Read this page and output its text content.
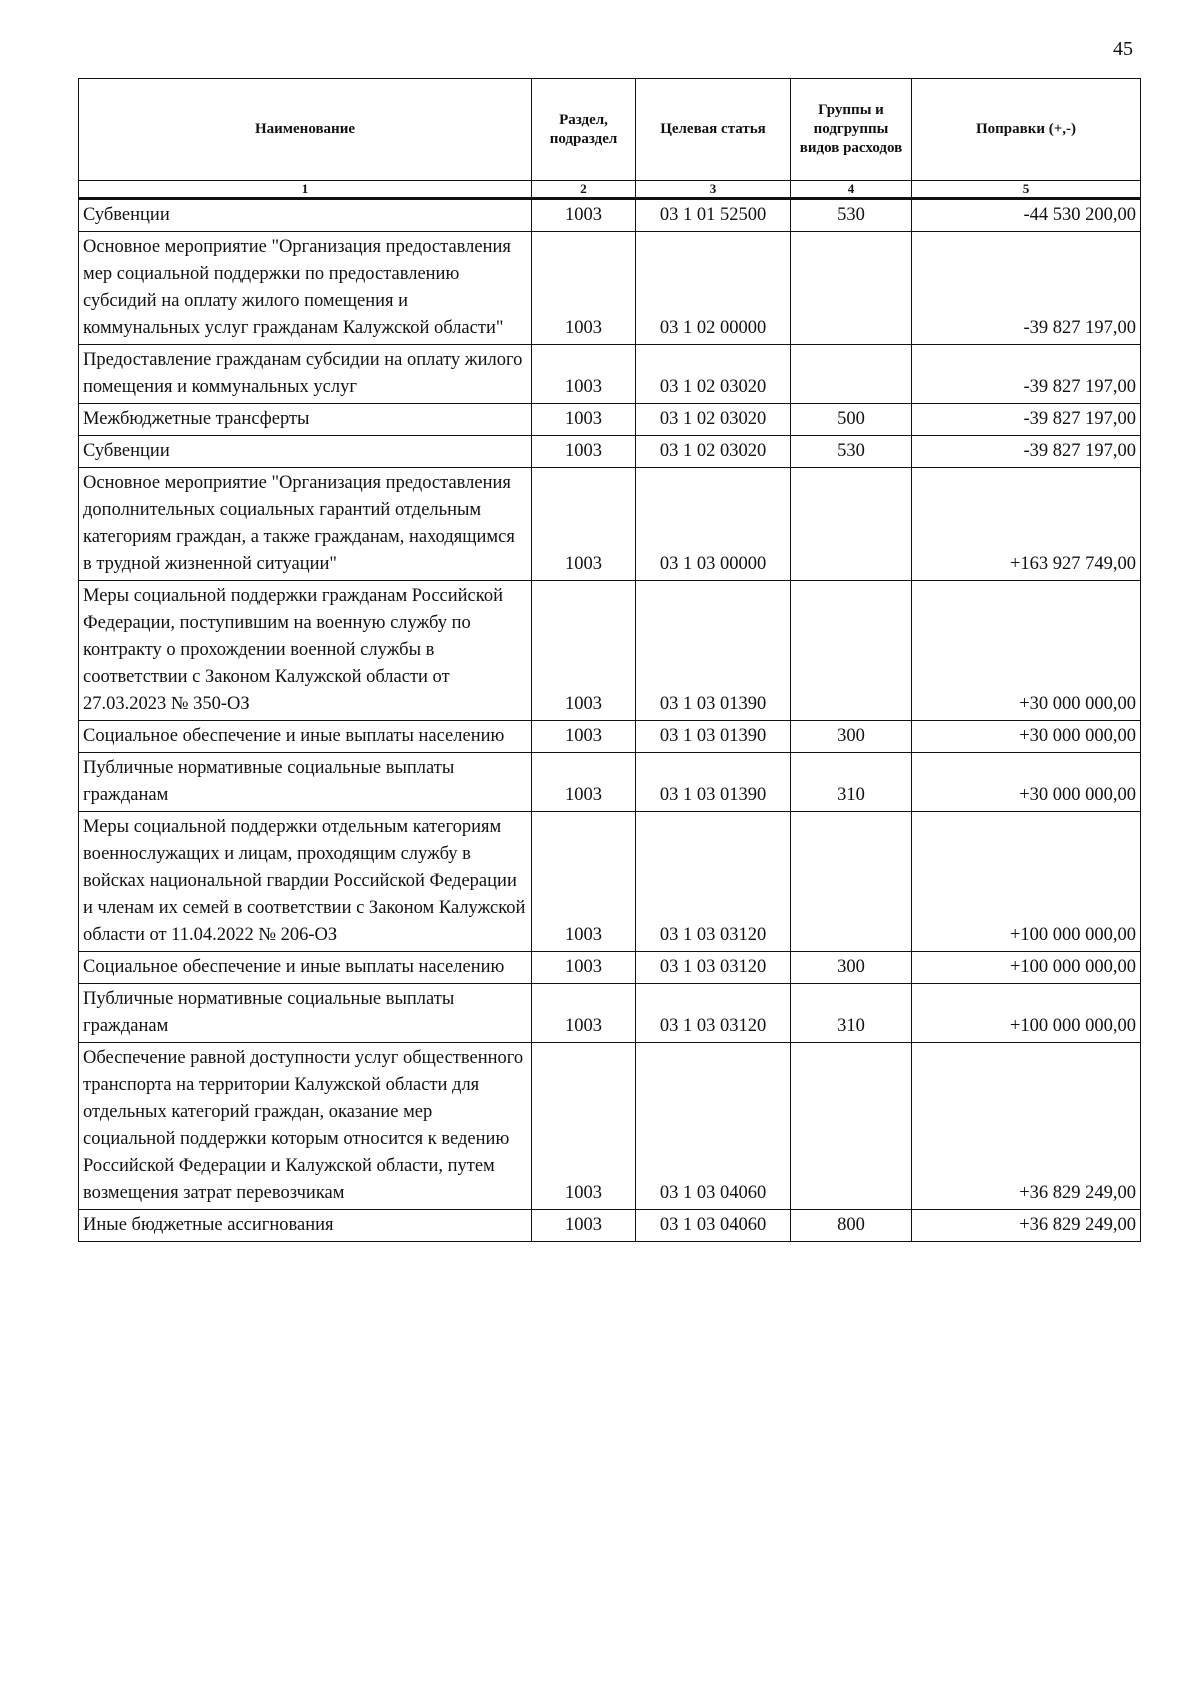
45
Наименование	Раздел, подраздел	Целевая статья	Группы и подгруппы видов расходов	Поправки (+,-)
1	2	3	4	5
Субвенции	1003	03 1 01 52500	530	-44 530 200,00
Основное мероприятие "Организация предоставления мер социальной поддержки по предоставлению субсидий на оплату жилого помещения и коммунальных услуг гражданам Калужской области"	1003	03 1 02 00000		-39 827 197,00
Предоставление гражданам субсидии на оплату жилого помещения и коммунальных услуг	1003	03 1 02 03020		-39 827 197,00
Межбюджетные трансферты	1003	03 1 02 03020	500	-39 827 197,00
Субвенции	1003	03 1 02 03020	530	-39 827 197,00
Основное мероприятие "Организация предоставления дополнительных социальных гарантий отдельным категориям граждан, а также гражданам, находящимся в трудной жизненной ситуации"	1003	03 1 03 00000		+163 927 749,00
Меры социальной поддержки гражданам Российской Федерации, поступившим на военную службу по контракту о прохождении военной службы в соответствии с Законом Калужской области от 27.03.2023 № 350-ОЗ	1003	03 1 03 01390		+30 000 000,00
Социальное обеспечение и иные выплаты населению	1003	03 1 03 01390	300	+30 000 000,00
Публичные нормативные социальные выплаты гражданам	1003	03 1 03 01390	310	+30 000 000,00
Меры социальной поддержки отдельным категориям военнослужащих и лицам, проходящим службу в войсках национальной гвардии Российской Федерации и членам их семей в соответствии с Законом Калужской области от 11.04.2022 № 206-ОЗ	1003	03 1 03 03120		+100 000 000,00
Социальное обеспечение и иные выплаты населению	1003	03 1 03 03120	300	+100 000 000,00
Публичные нормативные социальные выплаты гражданам	1003	03 1 03 03120	310	+100 000 000,00
Обеспечение равной доступности услуг общественного транспорта на территории Калужской области для отдельных категорий граждан, оказание мер социальной поддержки которым относится к ведению Российской Федерации и Калужской области, путем возмещения затрат перевозчикам	1003	03 1 03 04060		+36 829 249,00
Иные бюджетные ассигнования	1003	03 1 03 04060	800	+36 829 249,00
